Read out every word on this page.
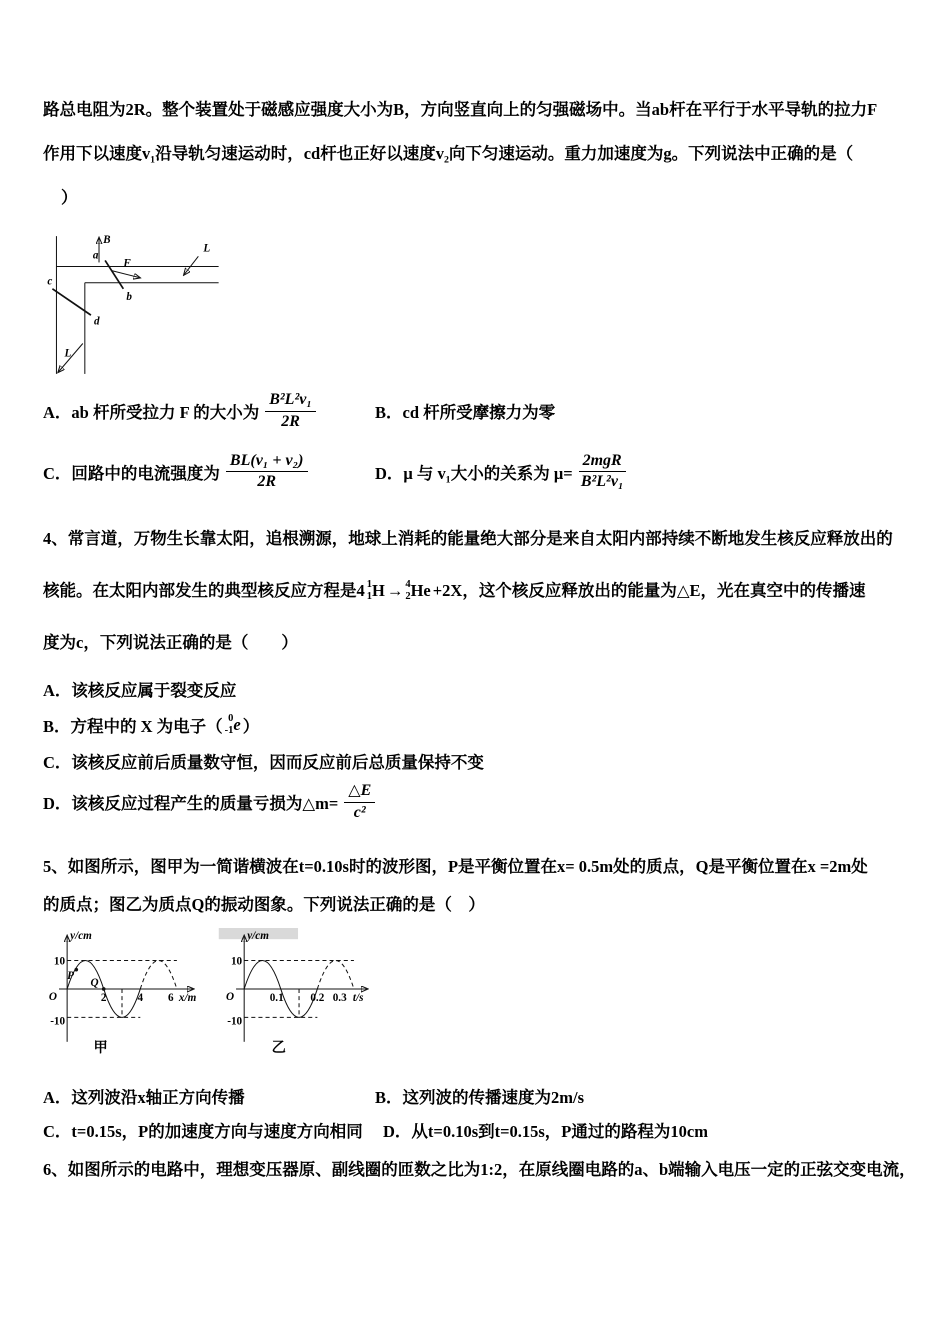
路总电阻为2R。整个装置处于磁感应强度大小为B，方向竖直向上的匀强磁场中。当ab杆在平行于水平导轨的拉力F
作用下以速度v₁沿导轨匀速运动时，cd杆也正好以速度v₂向下匀速运动。重力加速度为g。下列说法中正确的是（
）
B
a
F
L
b
c
d
L
A． ab 杆所受拉力 F 的大小为 $\frac{\text{B²L²v₁}}{2R}$	B． cd 杆所受摩擦力为零
C． 回路中的电流强度为 $\frac{\text{BL(v₁ + v₂)}}{2R}$	D． μ 与 v₁大小的关系为 $\mu= \frac{\text{2mgR}}{\text{B²L²v₁}}$
4、常言道，万物生长靠太阳，追根溯源，地球上消耗的能量绝大部分是来自太阳内部持续不断地发生核反应释放出的
核能。在太阳内部发生的典型核反应方程是4 1
1 H → 4
2 He +2X，这个核反应释放出的能量为△E，光在真空中的传播速
度为c，下列说法正确的是（　　）
A．该核反应属于裂变反应
B．方程中的 X 为电子（ 0
-1 e ）
C．该核反应前后质量数守恒，因而反应前后总质量保持不变
D．该核反应过程产生的质量亏损为△m= $\frac{\triangle E}{\text{c²}}$
5、如图所示，图甲为一简谐横波在t=0.10s时的波形图，P是平衡位置在x= 0.5m处的质点，Q是平衡位置在x =2m处
的质点；图乙为质点Q的振动图象。下列说法正确的是（　）
y/cm
10
-10
O	2	4 6 x/m
P
Q
甲
y/cm
10
-10
O	0.1 0.2 0.3 t/s
乙
A．这列波沿x轴正方向传播	B．这列波的传播速度为2m/s
C．t=0.15s，P的加速度方向与速度方向相同 D．从t=0.10s到t=0.15s，P通过的路程为10cm
6、如图所示的电路中，理想变压器原、副线圈的匝数之比为1:2，在原线圈电路的a、b端输入电压一定的正弦交变电流，
